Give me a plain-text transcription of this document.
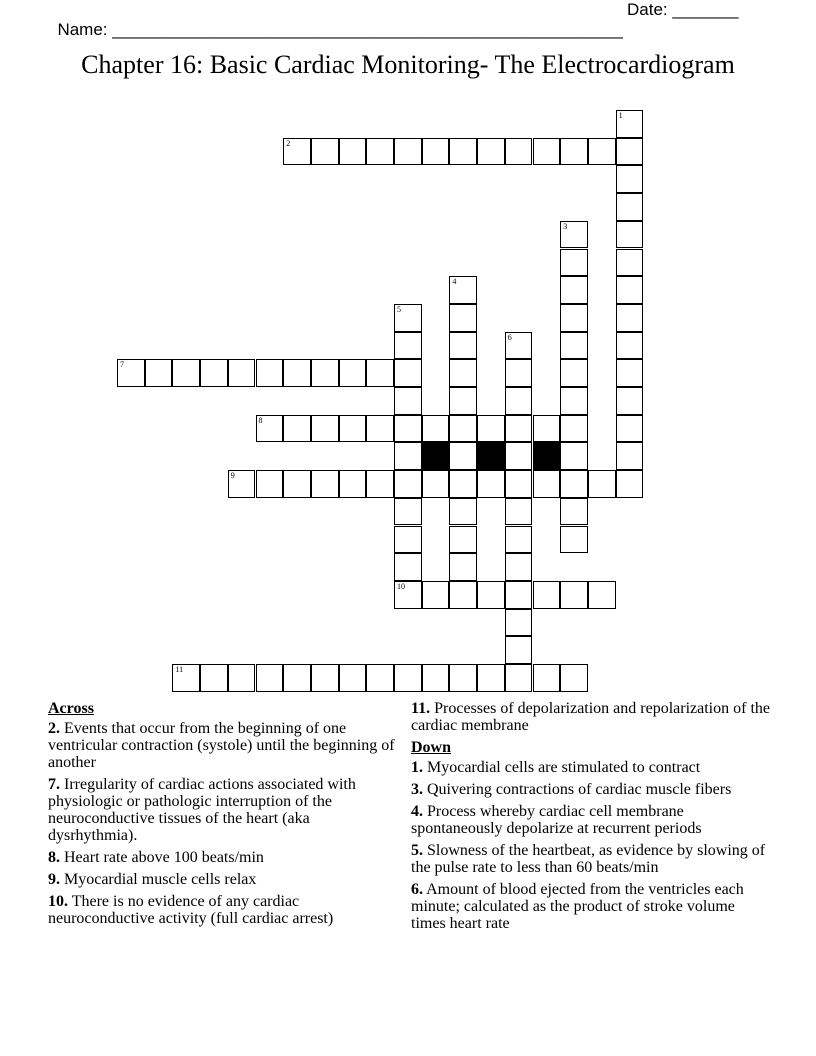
Name: ______________________________________________________

Date: _______

Chapter 16: Basic Cardiac Monitoring- The Electrocardiogram
1
2
3
4
5
10
6
7
8
9
11
Across
2. Events that occur from the beginning of one ventricular contraction (systole) until the beginning of another
7. Irregularity of cardiac actions associated with physiologic or pathologic interruption of the neuroconductive tissues of the heart (aka dysrhythmia).
8. Heart rate above 100 beats/min
9. Myocardial muscle cells relax
10. There is no evidence of any cardiac neuroconductive activity (full cardiac arrest)
11. Processes of depolarization and repolarization of the cardiac membrane
Down
1. Myocardial cells are stimulated to contract
3. Quivering contractions of cardiac muscle fibers
4. Process whereby cardiac cell membrane spontaneously depolarize at recurrent periods
5. Slowness of the heartbeat, as evidence by slowing of the pulse rate to less than 60 beats/min
6. Amount of blood ejected from the ventricles each minute; calculated as the product of stroke volume times heart rate
